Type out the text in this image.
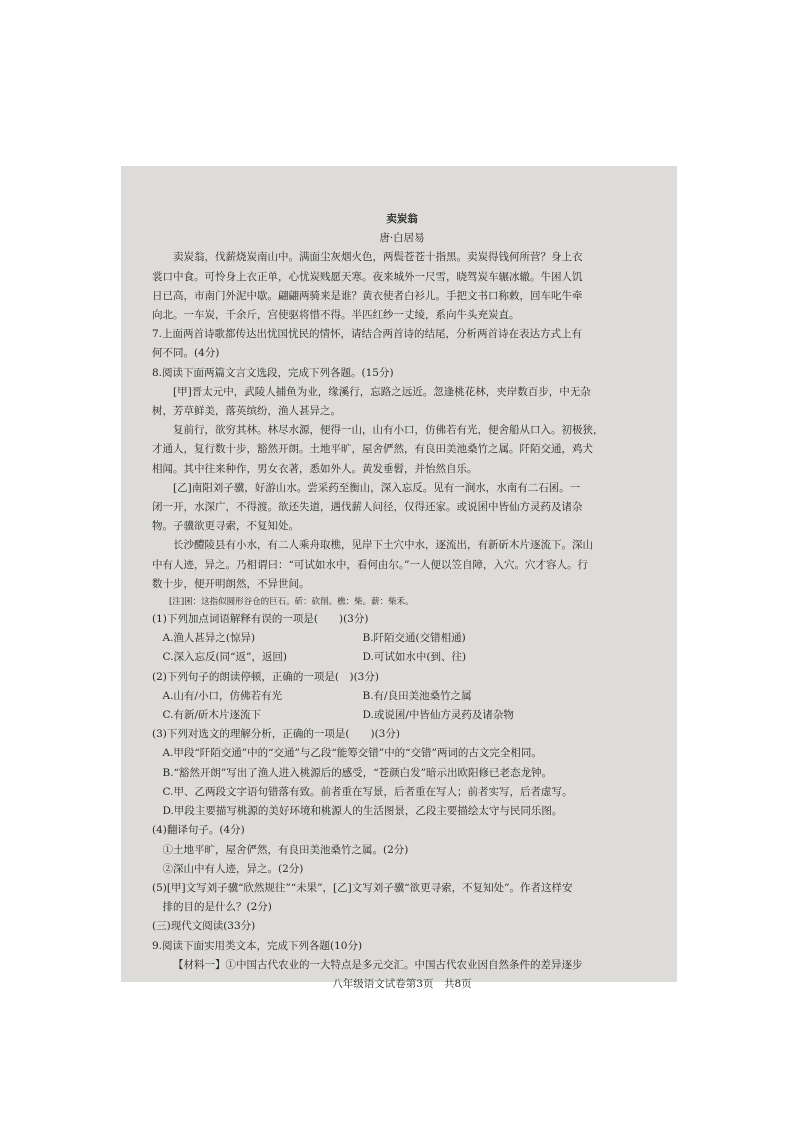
卖炭翁
唐·白居易
卖炭翁，伐薪烧炭南山中。满面尘灰烟火色，两鬓苍苍十指黑。卖炭得钱何所营？身上衣
裳口中食。可怜身上衣正单，心忧炭贱愿天寒。夜来城外一尺雪，晓驾炭车辗冰辙。牛困人饥
日已高，市南门外泥中歇。翩翩两骑来是谁？黄衣使者白衫儿。手把文书口称敕，回车叱牛牵
向北。一车炭，千余斤，宫使驱将惜不得。半匹红纱一丈绫，系向牛头充炭直。
7.上面两首诗歌都传达出忧国忧民的情怀，请结合两首诗的结尾，分析两首诗在表达方式上有
何不同。(4分)
8.阅读下面两篇文言文选段，完成下列各题。(15分)
[甲]晋太元中，武陵人捕鱼为业，缘溪行，忘路之远近。忽逢桃花林，夹岸数百步，中无杂
树，芳草鲜美，落英缤纷，渔人甚异之。
复前行，欲穷其林。林尽水源，便得一山，山有小口，仿佛若有光，便舍船从口入。初极狭，
才通人，复行数十步，豁然开朗。土地平旷，屋舍俨然，有良田美池桑竹之属。阡陌交通，鸡犬
相闻。其中往来种作，男女衣著，悉如外人。黄发垂髫，并怡然自乐。
[乙]南阳刘子骥，好游山水。尝采药至衡山，深入忘反。见有一涧水，水南有二石囷。一
闭一开，水深广，不得渡。欲还失道，遇伐薪人问径，仅得还家。或说囷中皆仙方灵药及诸杂
物。子骥欲更寻索，不复知处。
长沙醴陵县有小水，有二人乘舟取樵，见岸下土穴中水，逐流出，有新斫木片逐流下。深山
中有人迹，异之。乃相谓曰：“可试如水中，看何由尔。”一人便以笠自障，入穴。穴才容人。行
数十步，便开明朗然，不异世间。
[注]囷：这指似圆形谷仓的巨石。斫：砍削。樵：柴。薪：柴禾。
(1)下列加点词语解释有误的一项是(　　)(3分)
A.渔人甚异之(惊异)	B.阡陌交通(交错相通)
C.深入忘反(同“返”，返回)	D.可试如水中(到、往)
(2)下列句子的朗读停顿，正确的一项是(　)(3分)
A.山有/小口，仿佛若有光	B.有/良田美池桑竹之属
C.有新/斫木片逐流下	D.或说囷/中皆仙方灵药及诸杂物
(3)下列对选文的理解分析，正确的一项是(　　)(3分)
A.甲段“阡陌交通”中的“交通”与乙段“能筹交错”中的“交错”两词的古文完全相同。
B.“豁然开朗”写出了渔人进入桃源后的感受，“苍颜白发”暗示出欧阳修已老态龙钟。
C.甲、乙两段文字语句错落有致。前者重在写景，后者重在写人；前者实写，后者虚写。
D.甲段主要描写桃源的美好环境和桃源人的生活图景，乙段主要描绘太守与民同乐图。
(4)翻译句子。(4分)
①土地平旷，屋舍俨然，有良田美池桑竹之属。(2分)
②深山中有人迹，异之。(2分)
(5)[甲]文写刘子骥“欣然规往”“未果”，[乙]文写刘子骥“欲更寻索，不复知处”。作者这样安
排的目的是什么？(2分)
(三)现代文阅读(33分)
9.阅读下面实用类文本，完成下列各题(10分)
【材料一】①中国古代农业的一大特点是多元交汇。中国古代农业因自然条件的差异逐步
八年级语文试卷第3页　共8页
